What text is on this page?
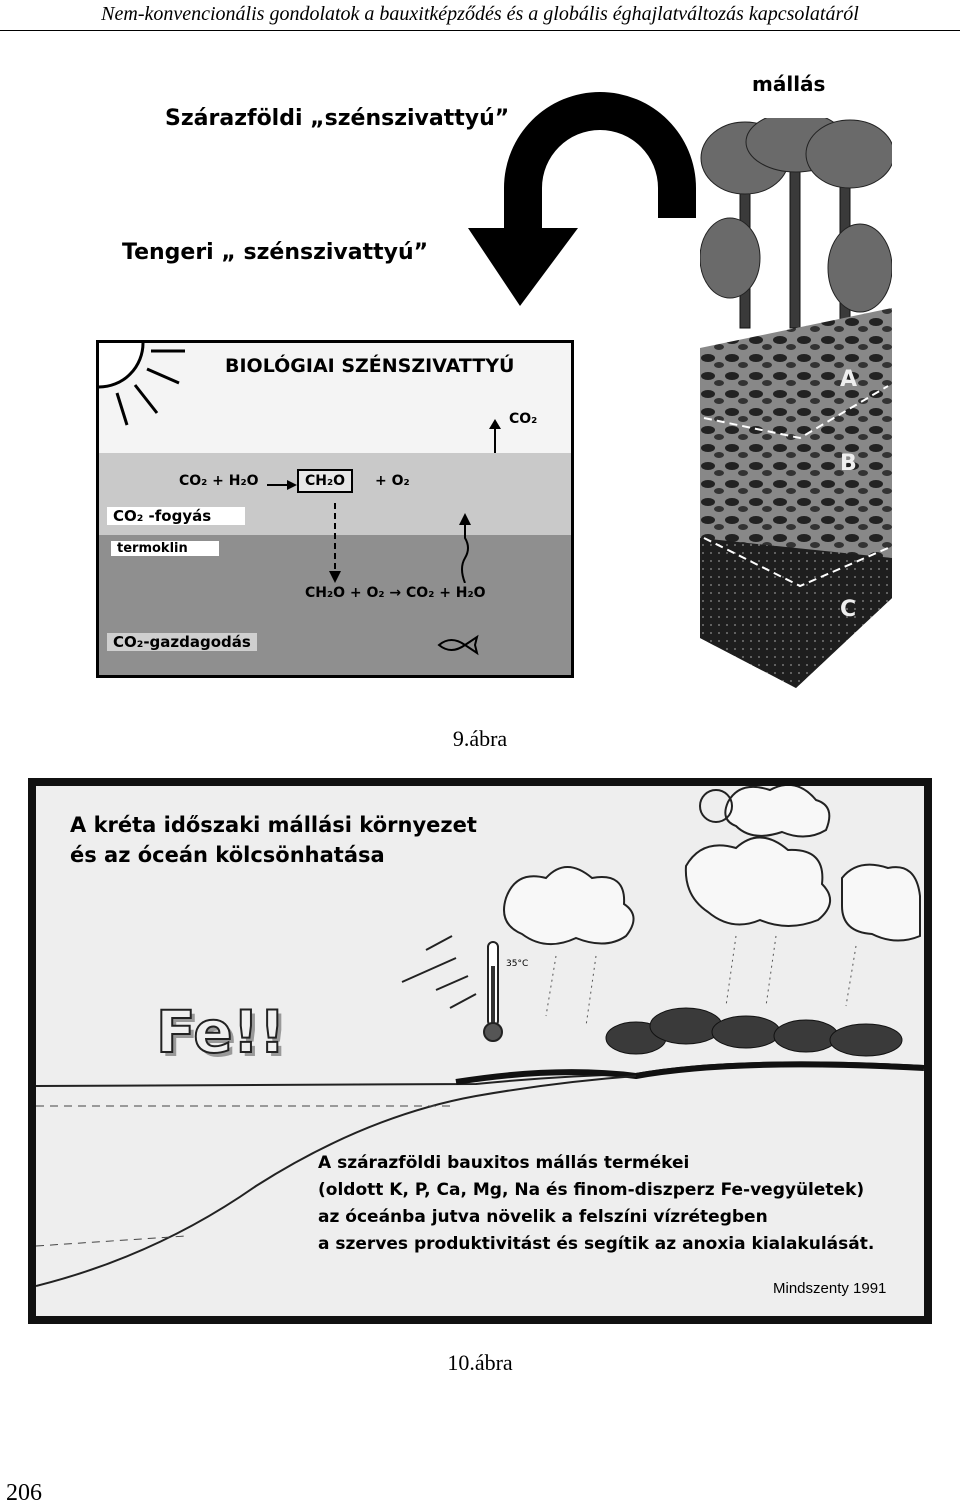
Nem-konvencionális gondolatok a bauxitképződés és a globális éghajlatváltozás kapcsolatáról
Szárazföldi „szénszivattyú”
Tengeri „ szénszivattyú”
mállás
BIOLÓGIAI SZÉNSZIVATTYÚ
CO₂
CO₂ + H₂O	CH₂O	+ O₂
CO₂ -fogyás
termoklin
CH₂O + O₂ → CO₂ + H₂O
CO₂-gazdagodás
A
B
C
9.ábra
A kréta időszaki mállási környezet
és az óceán kölcsönhatása
35°C
Fe!!
A szárazföldi bauxitos mállás termékei
(oldott K, P, Ca, Mg, Na és finom-diszperz Fe-vegyületek)
az óceánba jutva növelik a felszíni vízrétegben
a szerves produktivitást és segítik az anoxia kialakulását.
Mindszenty 1991
10.ábra
206
